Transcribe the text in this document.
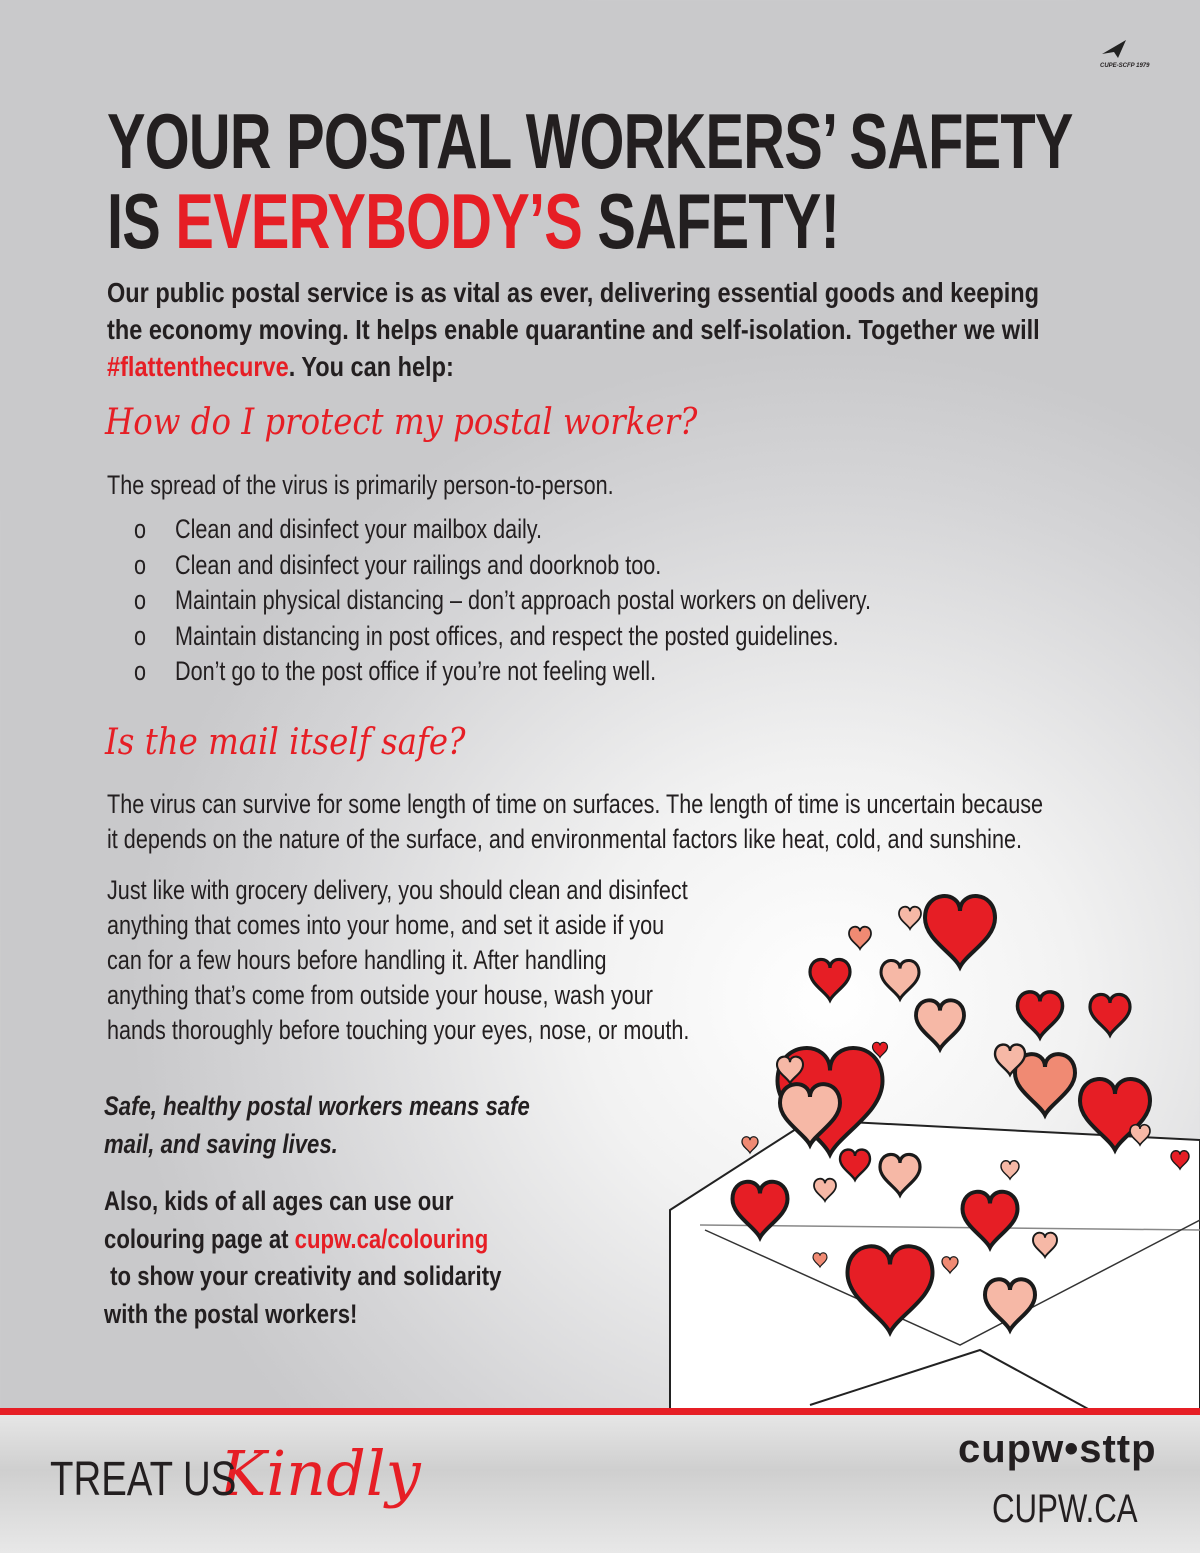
CUPE-SCFP 1979
YOUR POSTAL WORKERS’ SAFETY
IS EVERYBODY’S SAFETY!
Our public postal service is as vital as ever, delivering essential goods and keeping
the economy moving. It helps enable quarantine and self-isolation. Together we will
#flattenthecurve. You can help:
How do I protect my postal worker?
The spread of the virus is primarily person-to-person.
o Clean and disinfect your mailbox daily.
o Clean and disinfect your railings and doorknob too.
o Maintain physical distancing – don’t approach postal workers on delivery.
o Maintain distancing in post offices, and respect the posted guidelines.
o Don’t go to the post office if you’re not feeling well.
Is the mail itself safe?
The virus can survive for some length of time on surfaces. The length of time is uncertain because
it depends on the nature of the surface, and environmental factors like heat, cold, and sunshine.
Just like with grocery delivery, you should clean and disinfect
anything that comes into your home, and set it aside if you
can for a few hours before handling it. After handling
anything that’s come from outside your house, wash your
hands thoroughly before touching your eyes, nose, or mouth.
Safe, healthy postal workers means safe
mail, and saving lives.
Also, kids of all ages can use our
colouring page at cupw.ca/colouring
to show your creativity and solidarity
with the postal workers!
TREAT US
Kindly	cupw•sttp
CUPW.CA
